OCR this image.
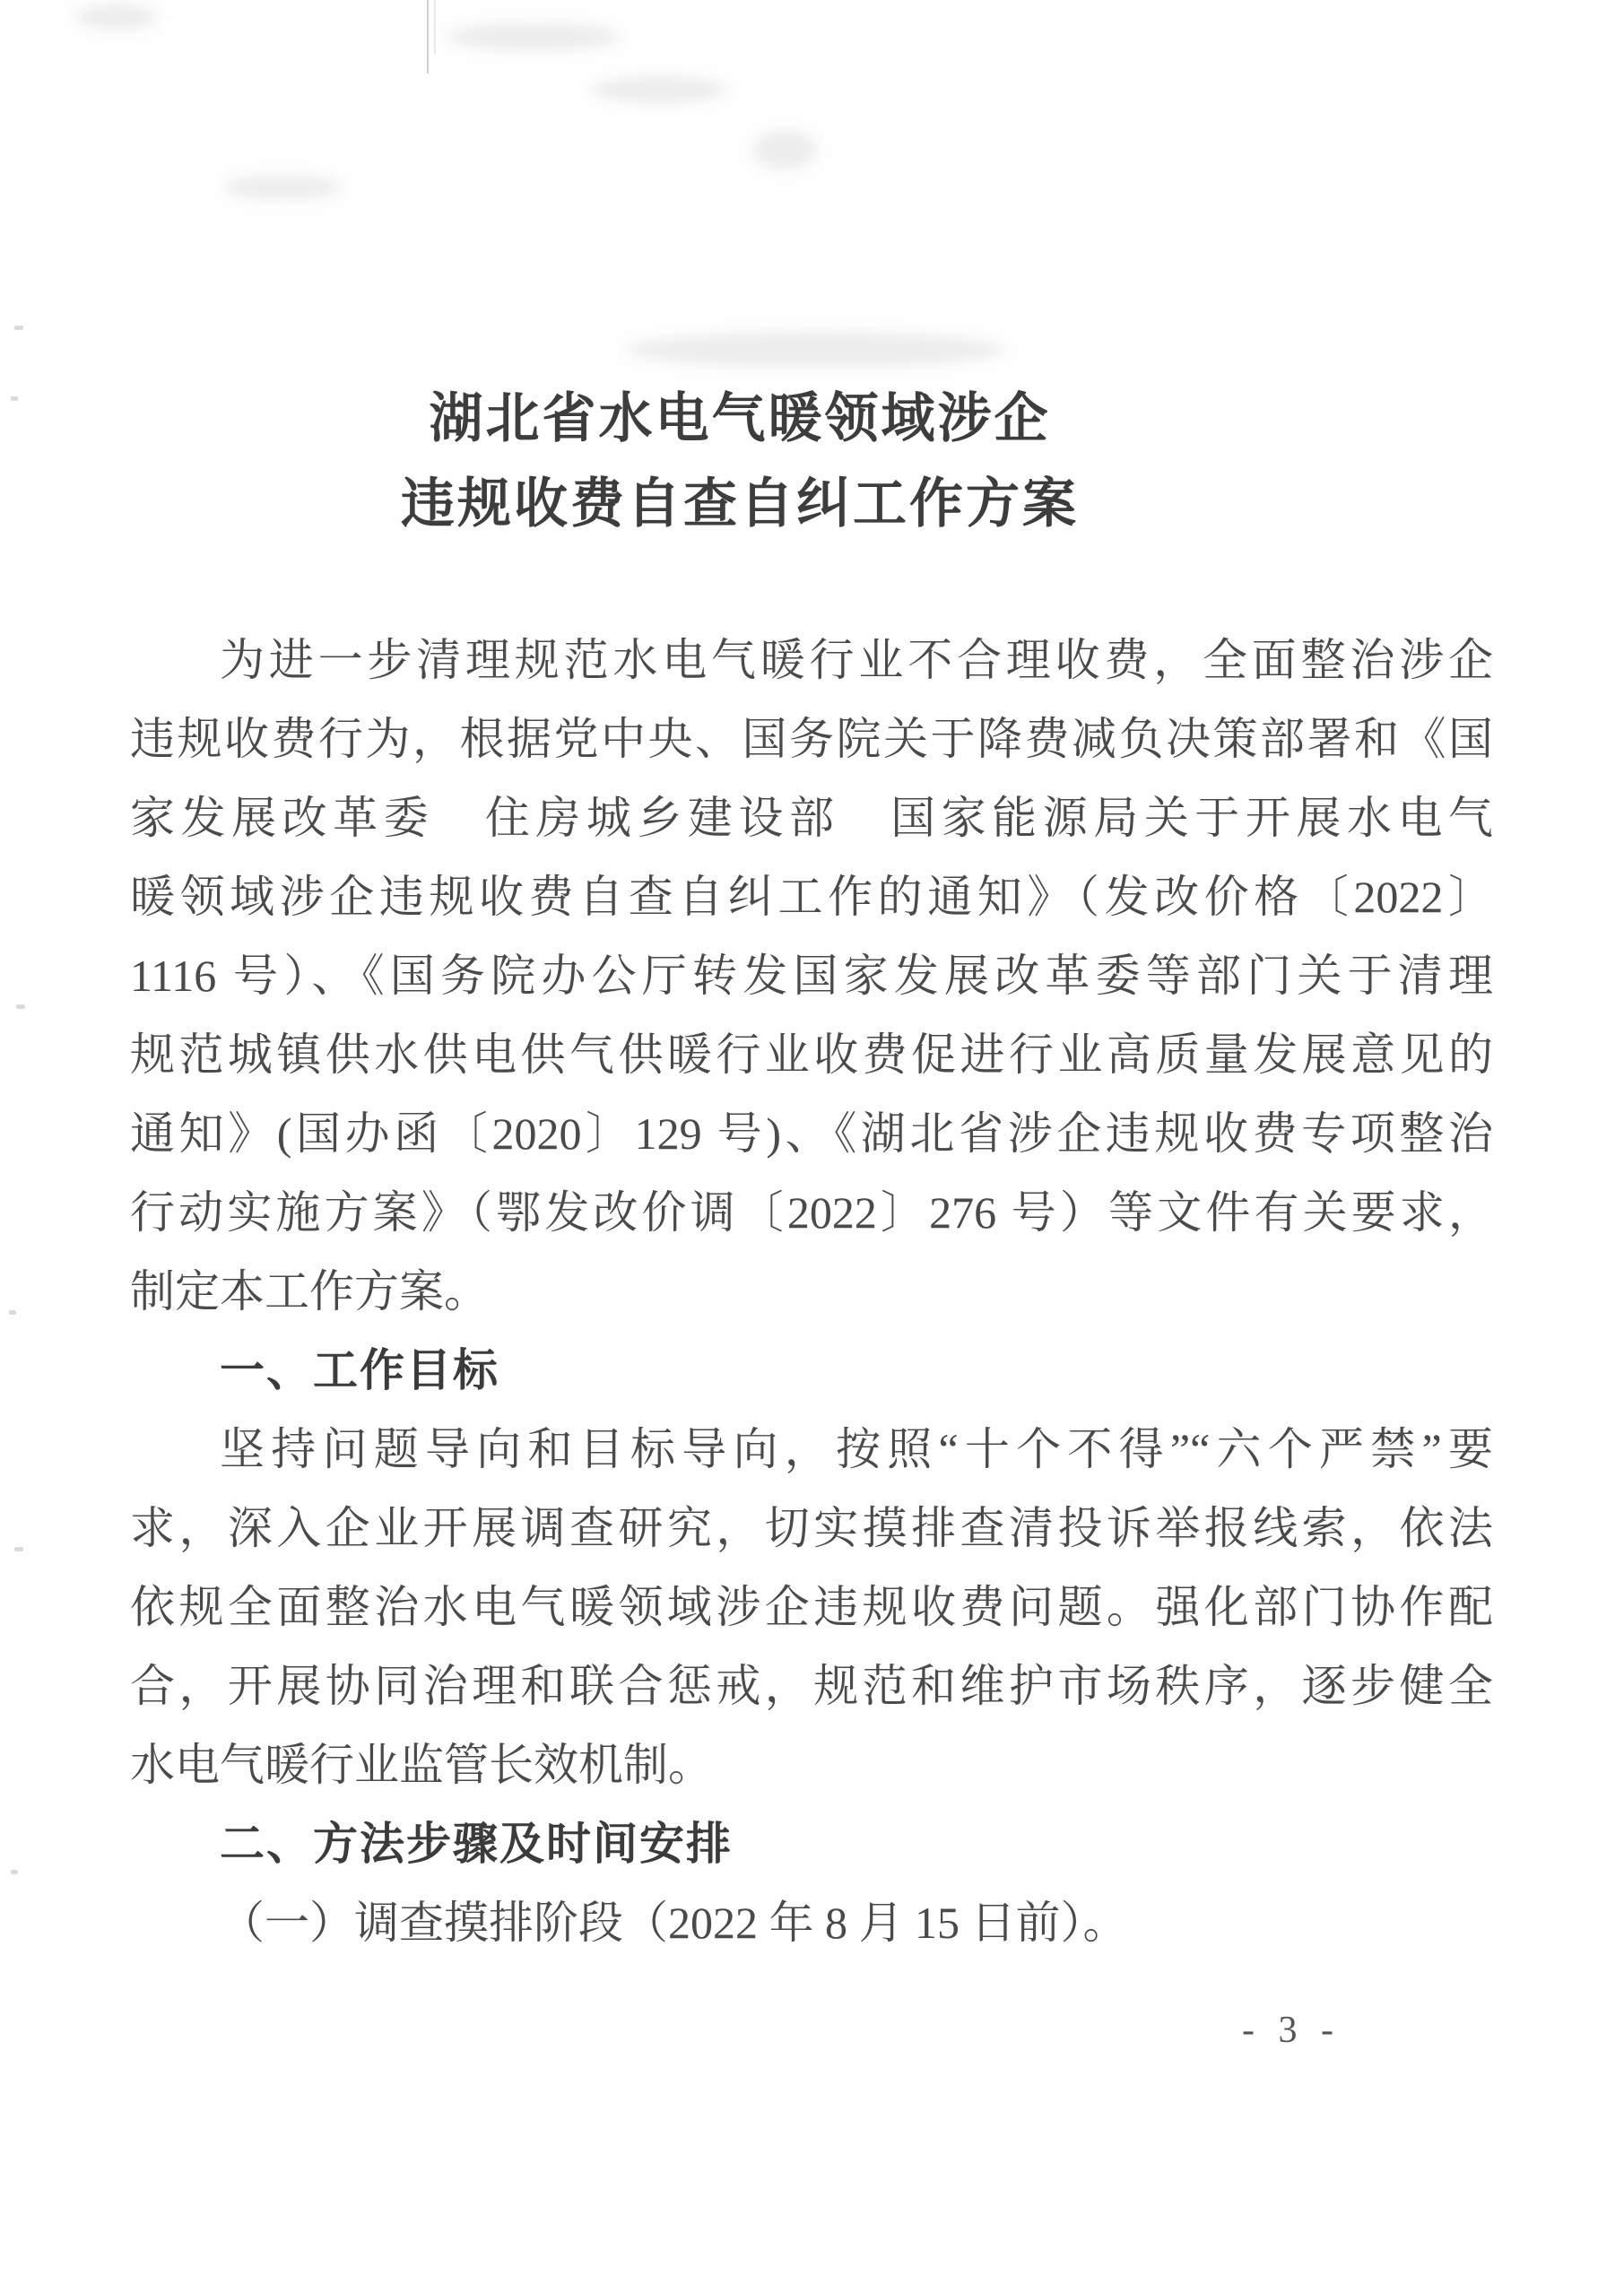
湖北省水电气暖领域涉企
违规收费自查自纠工作方案
为进一步清理规范水电气暖行业不合理收费，全面整治涉企
违规收费行为，根据党中央、国务院关于降费减负决策部署和《国
家发展改革委　住房城乡建设部　国家能源局关于开展水电气
暖领域涉企违规收费自查自纠工作的通知》（发改价格〔2022〕
1116 号）、《国务院办公厅转发国家发展改革委等部门关于清理
规范城镇供水供电供气供暖行业收费促进行业高质量发展意见的
通知》(国办函〔2020〕129 号)、《湖北省涉企违规收费专项整治
行动实施方案》（鄂发改价调〔2022〕276 号）等文件有关要求，
制定本工作方案。
一、工作目标
坚持问题导向和目标导向，按照“十个不得”“六个严禁”要
求，深入企业开展调查研究，切实摸排查清投诉举报线索，依法
依规全面整治水电气暖领域涉企违规收费问题。强化部门协作配
合，开展协同治理和联合惩戒，规范和维护市场秩序，逐步健全
水电气暖行业监管长效机制。
二、方法步骤及时间安排
（一）调查摸排阶段（2022 年 8 月 15 日前）。
- 3 -
